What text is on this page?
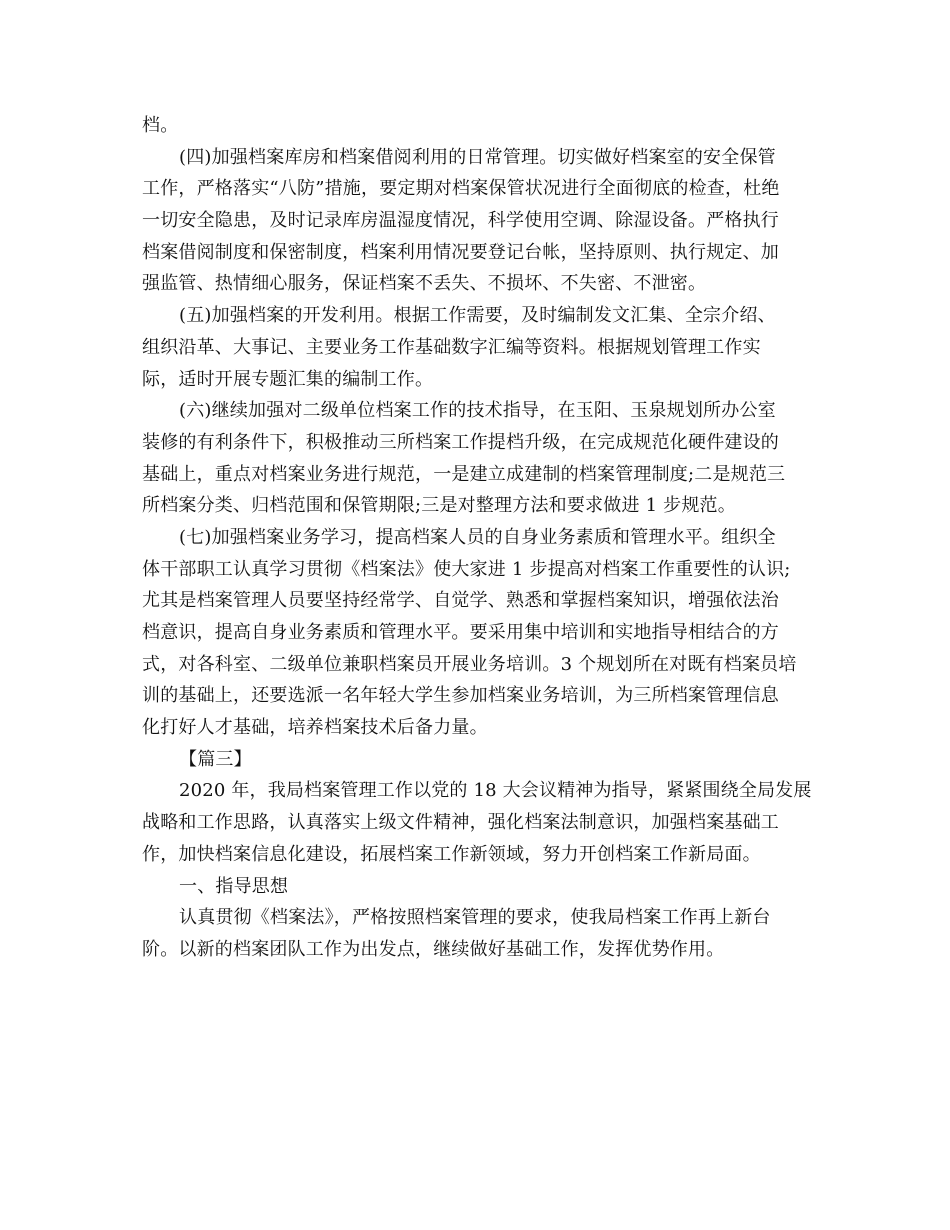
档。
(四)加强档案库房和档案借阅利用的日常管理。切实做好档案室的安全保管
工作，严格落实“八防”措施，要定期对档案保管状况进行全面彻底的检查，杜绝
一切安全隐患，及时记录库房温湿度情况，科学使用空调、除湿设备。严格执行
档案借阅制度和保密制度，档案利用情况要登记台帐，坚持原则、执行规定、加
强监管、热情细心服务，保证档案不丢失、不损坏、不失密、不泄密。
(五)加强档案的开发利用。根据工作需要，及时编制发文汇集、全宗介绍、
组织沿革、大事记、主要业务工作基础数字汇编等资料。根据规划管理工作实
际，适时开展专题汇集的编制工作。
(六)继续加强对二级单位档案工作的技术指导，在玉阳、玉泉规划所办公室
装修的有利条件下，积极推动三所档案工作提档升级，在完成规范化硬件建设的
基础上，重点对档案业务进行规范，一是建立成建制的档案管理制度;二是规范三
所档案分类、归档范围和保管期限;三是对整理方法和要求做进 1 步规范。
(七)加强档案业务学习，提高档案人员的自身业务素质和管理水平。组织全
体干部职工认真学习贯彻《档案法》使大家进 1 步提高对档案工作重要性的认识;
尤其是档案管理人员要坚持经常学、自觉学、熟悉和掌握档案知识，增强依法治
档意识，提高自身业务素质和管理水平。要采用集中培训和实地指导相结合的方
式，对各科室、二级单位兼职档案员开展业务培训。3 个规划所在对既有档案员培
训的基础上，还要选派一名年轻大学生参加档案业务培训，为三所档案管理信息
化打好人才基础，培养档案技术后备力量。
【篇三】
2020 年，我局档案管理工作以党的 18 大会议精神为指导，紧紧围绕全局发展
战略和工作思路，认真落实上级文件精神，强化档案法制意识，加强档案基础工
作，加快档案信息化建设，拓展档案工作新领域，努力开创档案工作新局面。
一、指导思想
认真贯彻《档案法》，严格按照档案管理的要求，使我局档案工作再上新台
阶。以新的档案团队工作为出发点，继续做好基础工作，发挥优势作用。
